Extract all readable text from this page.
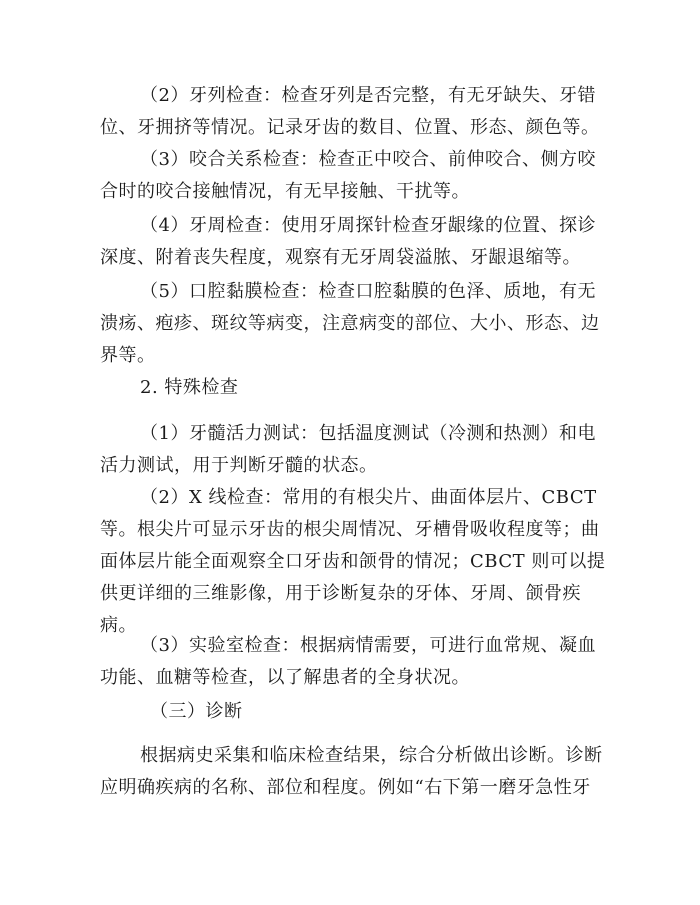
（2）牙列检查：检查牙列是否完整，有无牙缺失、牙错
位、牙拥挤等情况。记录牙齿的数目、位置、形态、颜色等。
（3）咬合关系检查：检查正中咬合、前伸咬合、侧方咬
合时的咬合接触情况，有无早接触、干扰等。
（4）牙周检查：使用牙周探针检查牙龈缘的位置、探诊
深度、附着丧失程度，观察有无牙周袋溢脓、牙龈退缩等。
（5）口腔黏膜检查：检查口腔黏膜的色泽、质地，有无
溃疡、疱疹、斑纹等病变，注意病变的部位、大小、形态、边
界等。
2. 特殊检查
（1）牙髓活力测试：包括温度测试（冷测和热测）和电
活力测试，用于判断牙髓的状态。
（2）X 线检查：常用的有根尖片、曲面体层片、CBCT
等。根尖片可显示牙齿的根尖周情况、牙槽骨吸收程度等；曲
面体层片能全面观察全口牙齿和颌骨的情况；CBCT 则可以提
供更详细的三维影像，用于诊断复杂的牙体、牙周、颌骨疾
病。
（3）实验室检查：根据病情需要，可进行血常规、凝血
功能、血糖等检查，以了解患者的全身状况。
（三）诊断
根据病史采集和临床检查结果，综合分析做出诊断。诊断
应明确疾病的名称、部位和程度。例如“右下第一磨牙急性牙
